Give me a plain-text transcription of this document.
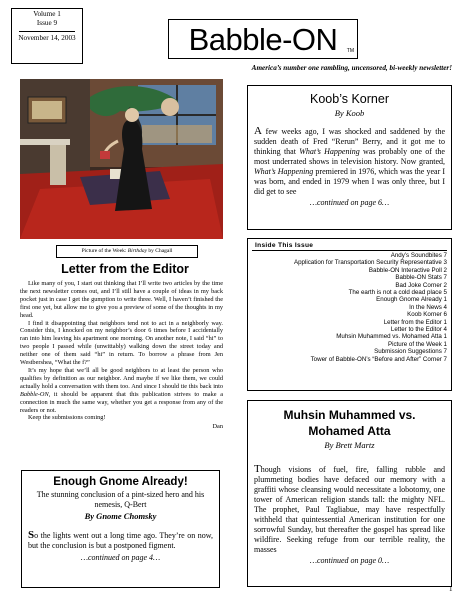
Volume 1
Issue 9
November 14, 2003	Babble-ON	TM
America’s number one rambling, uncensored, bi-weekly newsletter!
Picture of the Week: Birthday by Chagall
Letter from the Editor

Like many of you, I start out thinking that I’ll write two articles by the time the next newsletter comes out, and I’ll still have a couple of ideas in my back pocket just in case I get the gumption to write three. Well, I haven’t finished the first one yet, but allow me to give you a preview of some of the thoughts in my head.

I find it disappointing that neighbors tend not to act in a neighborly way. Consider this, I knocked on my neighbor’s door 6 times before I accidentally ran into him leaving his apartment one morning. On another note, I said “hi” to two people I passed while (unwittably) walking down the street today and neither one of them said “hi” in return. To borrow a phrase from Jen Westbershea, “What the f?”

It’s my hope that we’ll all be good neighbors to at least the person who qualifies by definition as our neighbor. And maybe if we like them, we could actually hold a conversation with them too. And since I should tie this back into Babble-ON, it should be apparent that this publication strives to make a connection in much the same way, whether you get a response from any of the readers or not.

Keep the submissions coming!

Dan
Enough Gnome Already!
The stunning conclusion of a pint-sized hero and his nemesis, Q-Bert
By Gnome Chomsky
So the lights went out a long time ago. They’re on now, but the conclusion is but a postponed figment.
…continued on page 4…
Koob’s Korner
By Koob
A few weeks ago, I was shocked and saddened by the sudden death of Fred “Rerun” Berry, and it got me to thinking that What’s Happening was probably one of the most underrated shows in television history. Now granted, What’s Happening premiered in 1976, which was the year I was born, and ended in 1979 when I was only three, but I did get to see
…continued on page 6…
Inside This Issue
Andy’s Soundbites 7
Application for Transportation Security Representative 3
Babble-ON Interactive Poll 2
Babble-ON Stats 7
Bad Joke Corner 2
The earth is not a cold dead place 5
Enough Gnome Already 1
In the News 4
Koob Korner 6
Letter from the Editor 1
Letter to the Editor 4
Muhsin Muhammed vs. Mohamed Atta 1
Picture of the Week 1
Submission Suggestions 7
Tower of Babble-ON’s “Before and After” Corner 7
Muhsin Muhammed vs.
Mohamed Atta
By Brett Martz
Though visions of fuel, fire, falling rubble and plummeting bodies have defaced our memory with a graffiti whose cleansing would necessitate a lobotomy, one tower of American religion stands tall: the mighty NFL. The prophet, Paul Tagliabue, may have respectfully withheld that quintessential American institution for one sorrowful Sunday, but thereafter the gospel has spread like wildfire. Seeking refuge from our terrible reality, the masses
…continued on page 0…
1
